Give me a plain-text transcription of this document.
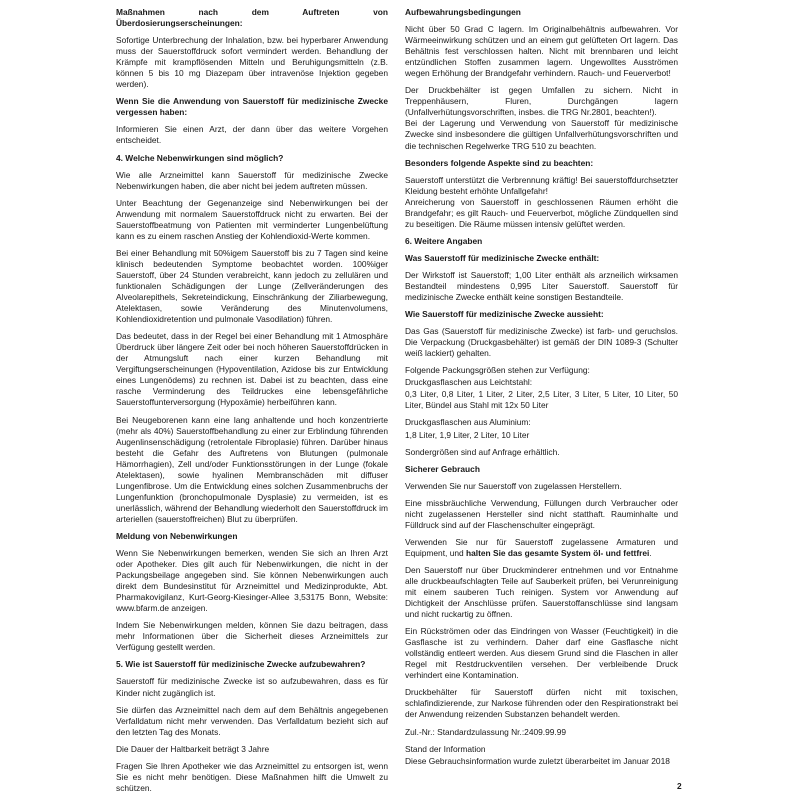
Maßnahmen nach dem Auftreten von Überdosierungserscheinungen:
Sofortige Unterbrechung der Inhalation, bzw. bei hyperbarer Anwendung muss der Sauerstoffdruck sofort vermindert werden. Behandlung der Krämpfe mit krampflösenden Mitteln und Beruhigungsmitteln (z.B. können 5 bis 10 mg Diazepam über intravenöse Injektion gegeben werden).
Wenn Sie die Anwendung von Sauerstoff für medizinische Zwecke vergessen haben:
Informieren Sie einen Arzt, der dann über das weitere Vorgehen entscheidet.
4. Welche Nebenwirkungen sind möglich?
Wie alle Arzneimittel kann Sauerstoff für medizinische Zwecke Nebenwirkungen haben, die aber nicht bei jedem auftreten müssen.
Unter Beachtung der Gegenanzeige sind Nebenwirkungen bei der Anwendung mit normalem Sauerstoffdruck nicht zu erwarten. Bei der Sauerstoffbeatmung von Patienten mit verminderter Lungenbelüftung kann es zu einem raschen Anstieg der Kohlendioxid-Werte kommen.
Bei einer Behandlung mit 50%igem Sauerstoff bis zu 7 Tagen sind keine klinisch bedeutenden Symptome beobachtet worden. 100%iger Sauerstoff, über 24 Stunden verabreicht, kann jedoch zu zellulären und funktionalen Schädigungen der Lunge (Zellveränderungen des Alveolarepithels, Sekreteindickung, Einschränkung der Ziliarbewegung, Atelektasen, sowie Veränderung des Minutenvolumens, Kohlendioxidretention und pulmonale Vasodilation) führen.
Das bedeutet, dass in der Regel bei einer Behandlung mit 1 Atmosphäre Überdruck über längere Zeit oder bei noch höheren Sauerstoffdrücken in der Atmungsluft nach einer kurzen Behandlung mit Vergiftungserscheinungen (Hypoventilation, Azidose bis zur Entwicklung eines Lungenödems) zu rechnen ist. Dabei ist zu beachten, dass eine rasche Verminderung des Teildruckes eine lebensgefährliche Sauerstoffunterversorgung (Hypoxämie) herbeiführen kann.
Bei Neugeborenen kann eine lang anhaltende und hoch konzentrierte (mehr als 40%) Sauerstoffbehandlung zu einer zur Erblindung führenden Augenlinsenschädigung (retrolentale Fibroplasie) führen. Darüber hinaus besteht die Gefahr des Auftretens von Blutungen (pulmonale Hämorrhagien), Zell und/oder Funktionsstörungen in der Lunge (fokale Atelektasen), sowie hyalinen Membranschäden mit diffuser Lungenfibrose. Um die Entwicklung eines solchen Zusammenbruchs der Lungenfunktion (bronchopulmonale Dysplasie) zu vermeiden, ist es unerlässlich, während der Behandlung wiederholt den Sauerstoffdruck im arteriellen (sauerstoffreichen) Blut zu überprüfen.
Meldung von Nebenwirkungen
Wenn Sie Nebenwirkungen bemerken, wenden Sie sich an Ihren Arzt oder Apotheker. Dies gilt auch für Nebenwirkungen, die nicht in der Packungsbeilage angegeben sind. Sie können Nebenwirkungen auch direkt dem Bundesinstitut für Arzneimittel und Medizinprodukte, Abt. Pharmakovigilanz, Kurt-Georg-Kiesinger-Allee 3,53175 Bonn, Website: www.bfarm.de anzeigen.
Indem Sie Nebenwirkungen melden, können Sie dazu beitragen, dass mehr Informationen über die Sicherheit dieses Arzneimittels zur Verfügung gestellt werden.
5. Wie ist Sauerstoff für medizinische Zwecke aufzubewahren?
Sauerstoff für medizinische Zwecke ist so aufzubewahren, dass es für Kinder nicht zugänglich ist.
Sie dürfen das Arzneimittel nach dem auf dem Behältnis angegebenen Verfalldatum nicht mehr verwenden. Das Verfalldatum bezieht sich auf den letzten Tag des Monats.
Die Dauer der Haltbarkeit beträgt 3 Jahre
Fragen Sie Ihren Apotheker wie das Arzneimittel zu entsorgen ist, wenn Sie es nicht mehr benötigen. Diese Maßnahmen hilft die Umwelt zu schützen.
Aufbewahrungsbedingungen
Nicht über 50 Grad C lagern. Im Originalbehältnis aufbewahren. Vor Wärmeeinwirkung schützen und an einem gut gelüfteten Ort lagern. Das Behältnis fest verschlossen halten. Nicht mit brennbaren und leicht entzündlichen Stoffen zusammen lagern. Ungewolltes Ausströmen wegen Erhöhung der Brandgefahr verhindern. Rauch- und Feuerverbot!
Der Druckbehälter ist gegen Umfallen zu sichern. Nicht in Treppenhäusern, Fluren, Durchgängen lagern (Unfallverhütungsvorschriften, insbes. die TRG Nr.2801, beachten!).
Bei der Lagerung und Verwendung von Sauerstoff für medizinische Zwecke sind insbesondere die gültigen Unfallverhütungsvorschriften und die technischen Regelwerke TRG 510 zu beachten.
Besonders folgende Aspekte sind zu beachten:
Sauerstoff unterstützt die Verbrennung kräftig! Bei sauerstoffdurchsetzter Kleidung besteht erhöhte Unfallgefahr!
Anreicherung von Sauerstoff in geschlossenen Räumen erhöht die Brandgefahr; es gilt Rauch- und Feuerverbot, mögliche Zündquellen sind zu beseitigen. Die Räume müssen intensiv gelüftet werden.
6. Weitere Angaben
Was Sauerstoff für medizinische Zwecke enthält:
Der Wirkstoff ist Sauerstoff; 1,00 Liter enthält als arzneilich wirksamen Bestandteil mindestens 0,995 Liter Sauerstoff. Sauerstoff für medizinische Zwecke enthält keine sonstigen Bestandteile.
Wie Sauerstoff für medizinische Zwecke aussieht:
Das Gas (Sauerstoff für medizinische Zwecke) ist farb- und geruchslos. Die Verpackung (Druckgasbehälter) ist gemäß der DIN 1089-3 (Schulter weiß lackiert) gehalten.
Folgende Packungsgrößen stehen zur Verfügung:
Druckgasflaschen aus Leichtstahl:
0,3 Liter, 0,8 Liter, 1 Liter, 2 Liter, 2,5 Liter, 3 Liter, 5 Liter, 10 Liter, 50 Liter, Bündel aus Stahl mit 12x 50 Liter
Druckgasflaschen aus Aluminium:
1,8 Liter, 1,9 Liter, 2 Liter, 10 Liter
Sondergrößen sind auf Anfrage erhältlich.
Sicherer Gebrauch
Verwenden Sie nur Sauerstoff von zugelassen Herstellern.
Eine missbräuchliche Verwendung, Füllungen durch Verbraucher oder nicht zugelassenen Hersteller sind nicht statthaft. Rauminhalte und Fülldruck sind auf der Flaschenschulter eingeprägt.
Verwenden Sie nur für Sauerstoff zugelassene Armaturen und Equipment, und halten Sie das gesamte System öl- und fettfrei.
Den Sauerstoff nur über Druckminderer entnehmen und vor Entnahme alle druckbeaufschlagten Teile auf Sauberkeit prüfen, bei Verunreinigung mit einem sauberen Tuch reinigen. System vor Anwendung auf Dichtigkeit der Anschlüsse prüfen. Sauerstoffanschlüsse sind langsam und nicht ruckartig zu öffnen.
Ein Rückströmen oder das Eindringen von Wasser (Feuchtigkeit) in die Gasflasche ist zu verhindern. Daher darf eine Gasflasche nicht vollständig entleert werden. Aus diesem Grund sind die Flaschen in aller Regel mit Restdruckventilen versehen. Der verbleibende Druck verhindert eine Kontamination.
Druckbehälter für Sauerstoff dürfen nicht mit toxischen, schlafindizierende, zur Narkose führenden oder den Respirationstrakt bei der Anwendung reizenden Substanzen behandelt werden.
Zul.-Nr.: Standardzulassung Nr.:2409.99.99
Stand der Information
Diese Gebrauchsinformation wurde zuletzt überarbeitet im Januar 2018
2
